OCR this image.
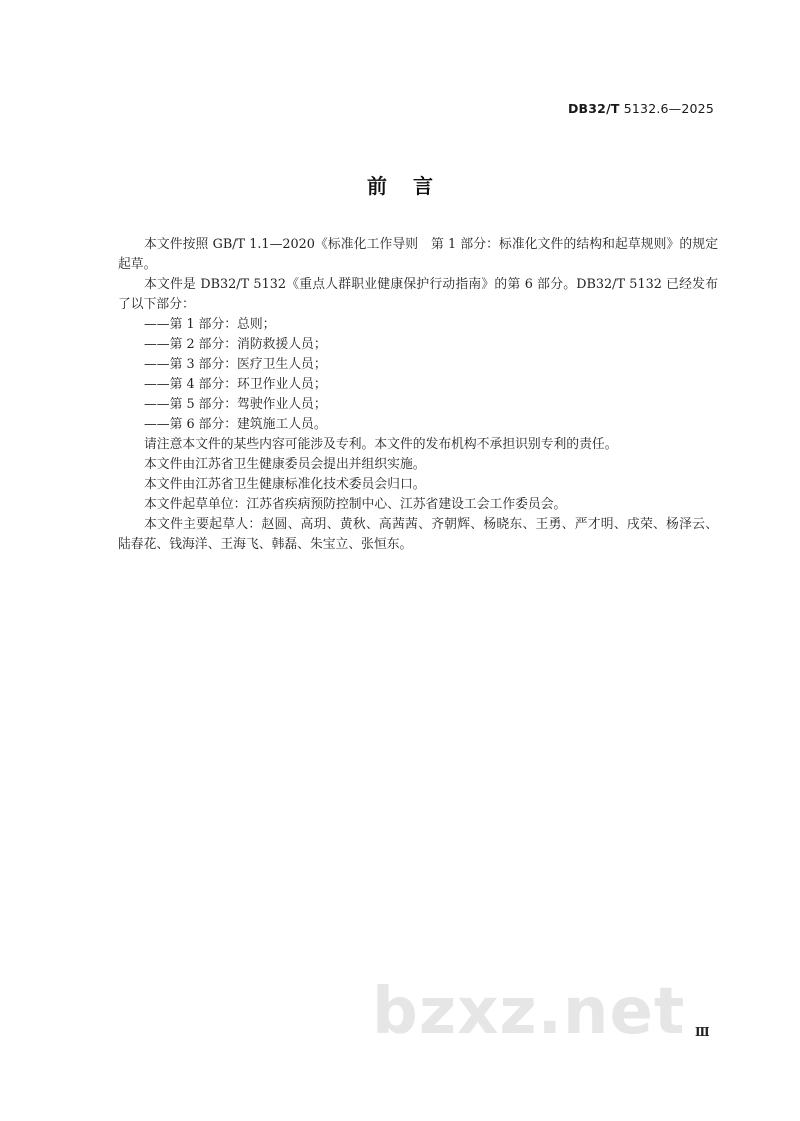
DB32/T 5132.6—2025
前言

本文件按照 GB/T 1.1—2020《标准化工作导则　第 1 部分：标准化文件的结构和起草规则》的规定起草。

本文件是 DB32/T 5132《重点人群职业健康保护行动指南》的第 6 部分。DB32/T 5132 已经发布了以下部分：

——第 1 部分：总则；

——第 2 部分：消防救援人员；

——第 3 部分：医疗卫生人员；

——第 4 部分：环卫作业人员；

——第 5 部分：驾驶作业人员；

——第 6 部分：建筑施工人员。

请注意本文件的某些内容可能涉及专利。本文件的发布机构不承担识别专利的责任。

本文件由江苏省卫生健康委员会提出并组织实施。

本文件由江苏省卫生健康标准化技术委员会归口。

本文件起草单位：江苏省疾病预防控制中心、江苏省建设工会工作委员会。

本文件主要起草人：赵圆、高玥、黄秋、高茜茜、齐朝辉、杨晓东、王勇、严才明、戌荣、杨泽云、陆春花、钱海洋、王海飞、韩磊、朱宝立、张恒东。

bzxz.net Ⅲ
